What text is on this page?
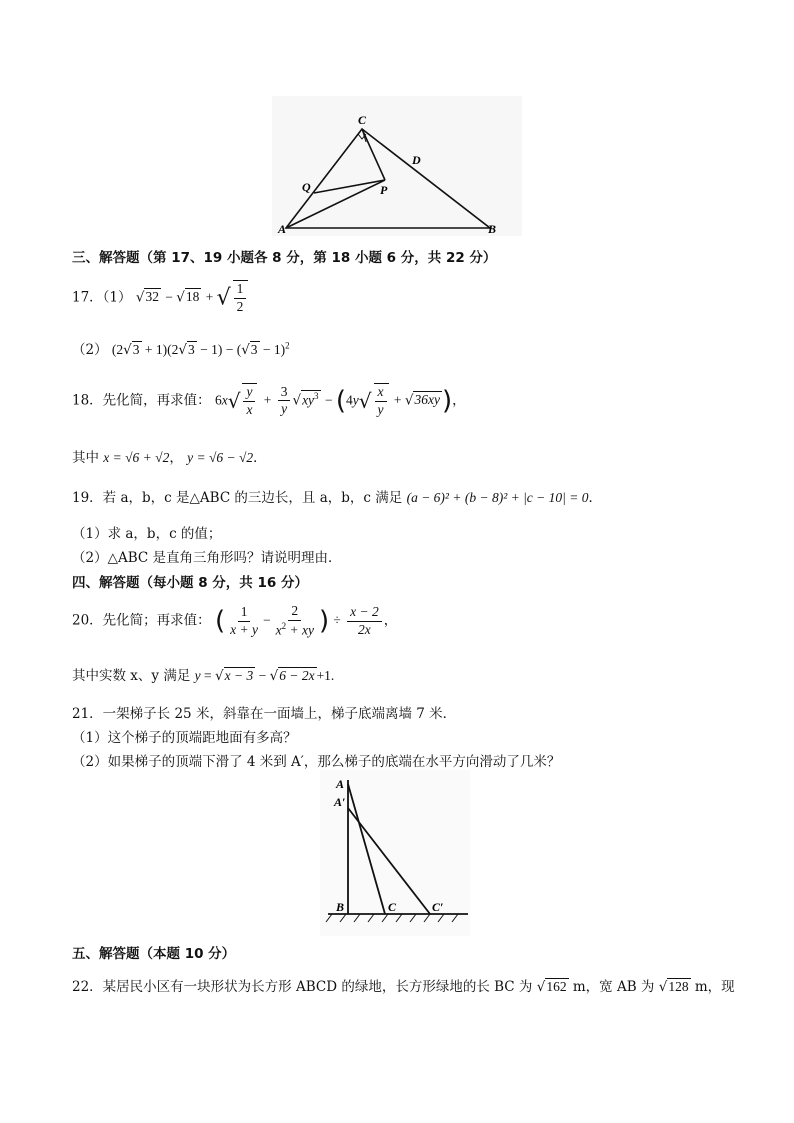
C
D
Q	P
A	B
三、解答题（第 17、19 小题各 8 分，第 18 小题 6 分，共 22 分）
17．（1） √32 − √18 + √ $\frac{1}{2}$
（2） $(2√3 + 1)(2√3 - 1) - (√3 - 1)^2$
18．先化简，再求值： $6x√ \frac{y}{x} + \frac{3}{y} √xy^3 - (4y√ \frac{x}{y} + √36xy)$，
其中 x = √6 + √2， y = √6 − √2．
19．若 a，b，c 是△ABC 的三边长，且 a，b，c 满足 (a − 6)² + (b − 8)² + |c − 10| = 0．
（1）求 a，b，c 的值；
（2）△ABC 是直角三角形吗？请说明理由．
四、解答题（每小题 8 分，共 16 分）
20．先化简；再求值： ( $\frac{1}{x + y} - \frac{2}{x^2 + xy}$ ) ÷ $\frac{x - 2}{2x}$ ，
其中实数 x、y 满足 y = √x − 3 − √6 − 2x +1.
21．一架梯子长 25 米，斜靠在一面墙上，梯子底端离墙 7 米．
（1）这个梯子的顶端距地面有多高？
（2）如果梯子的顶端下滑了 4 米到 A′，那么梯子的底端在水平方向滑动了几米？
A
A′
B	C	C′
五、解答题（本题 10 分）
22．某居民小区有一块形状为长方形 ABCD 的绿地，长方形绿地的长 BC 为 √162 m，宽 AB 为 √128 m，现
